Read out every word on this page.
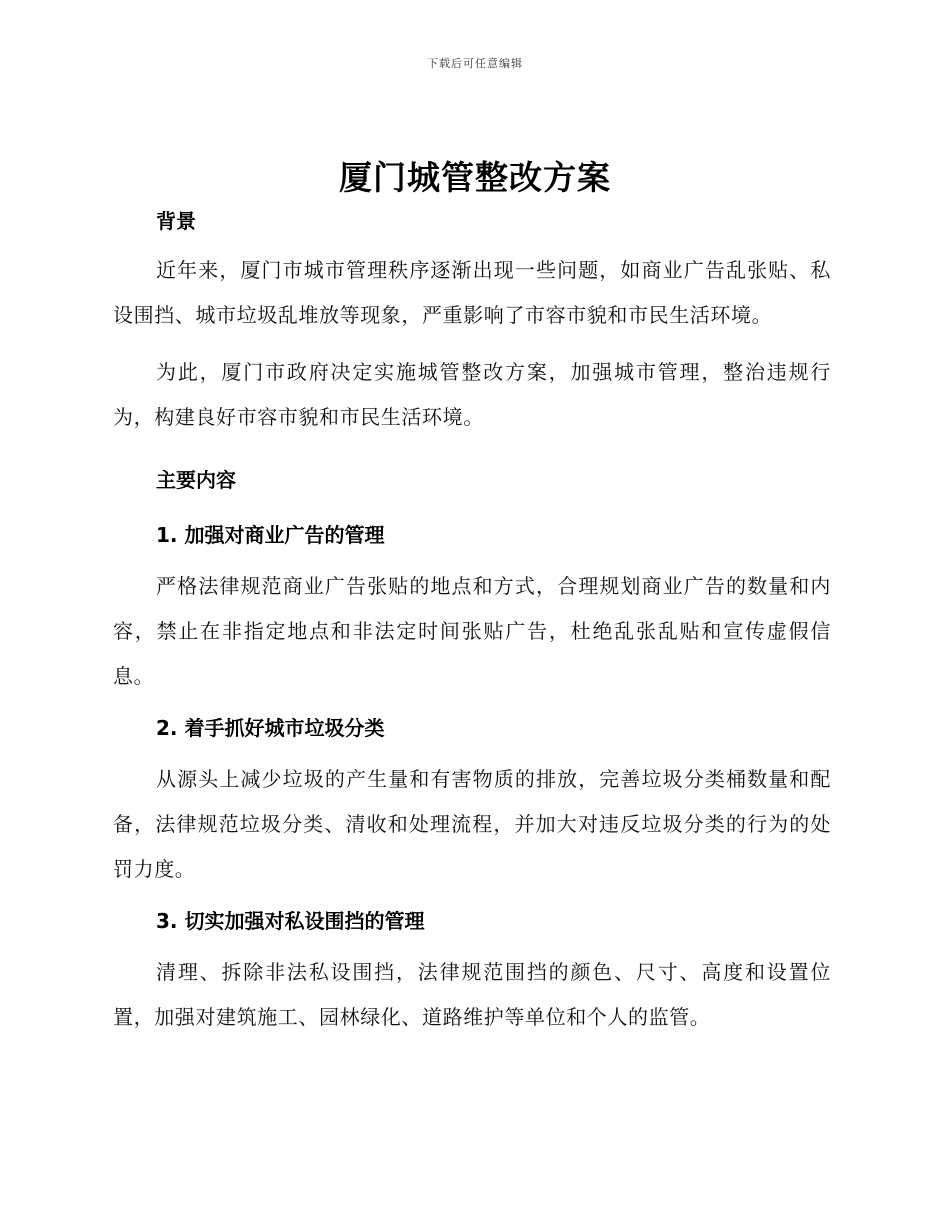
下载后可任意编辑
厦门城管整改方案
背景

近年来，厦门市城市管理秩序逐渐出现一些问题，如商业广告乱张贴、私设围挡、城市垃圾乱堆放等现象，严重影响了市容市貌和市民生活环境。

为此，厦门市政府决定实施城管整改方案，加强城市管理，整治违规行为，构建良好市容市貌和市民生活环境。

主要内容
1. 加强对商业广告的管理

严格法律规范商业广告张贴的地点和方式，合理规划商业广告的数量和内容，禁止在非指定地点和非法定时间张贴广告，杜绝乱张乱贴和宣传虚假信息。

2. 着手抓好城市垃圾分类

从源头上减少垃圾的产生量和有害物质的排放，完善垃圾分类桶数量和配备，法律规范垃圾分类、清收和处理流程，并加大对违反垃圾分类的行为的处罚力度。

3. 切实加强对私设围挡的管理

清理、拆除非法私设围挡，法律规范围挡的颜色、尺寸、高度和设置位置，加强对建筑施工、园林绿化、道路维护等单位和个人的监管。
